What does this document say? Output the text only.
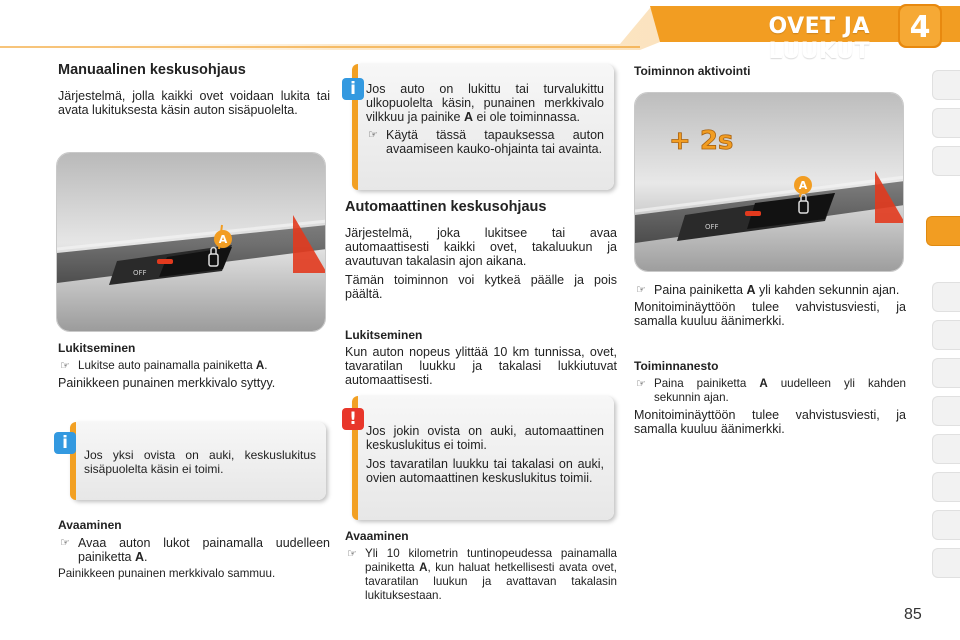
OVET JA LUUKUT
4
Manuaalinen keskusohjaus

Järjestelmä, jolla kaikki ovet voidaan lukita tai avata lukituksesta käsin auton sisäpuolelta.

OFF
A
Lukitseminen
☞ Lukitse auto painamalla painiketta A.

Painikkeen punainen merkkivalo syttyy.

Jos yksi ovista on auki, keskuslukitus sisäpuolelta käsin ei toimi.

i
Avaaminen
☞ Avaa auton lukot painamalla uudelleen painiketta A.

Painikkeen punainen merkkivalo sammuu.

Jos auto on lukittu tai turvalukittu ulkopuolelta käsin, punainen merkkivalo vilkkuu ja painike A ei ole toiminnassa.

☞ Käytä tässä tapauksessa auton avaamiseen kauko-ohjainta tai avainta.
i
Automaattinen keskusohjaus

Järjestelmä, joka lukitsee tai avaa automaattisesti kaikki ovet, takaluukun ja avautuvan takalasin ajon aikana.

Tämän toiminnon voi kytkeä päälle ja pois päältä.

Lukitseminen

Kun auton nopeus ylittää 10 km tunnissa, ovet, tavaratilan luukku ja takalasi lukkiutuvat automaattisesti.

Jos jokin ovista on auki, automaattinen keskuslukitus ei toimi.

Jos tavaratilan luukku tai takalasi on auki, ovien automaattinen keskuslukitus toimii.

!
Avaaminen
☞ Yli 10 kilometrin tuntinopeudessa painamalla painiketta A, kun haluat hetkellisesti avata ovet, tavaratilan luukun ja avattavan takalasin lukituksestaan.
Toiminnon aktivointi
OFF
A
+ 2s
☞ Paina painiketta A yli kahden sekunnin ajan.

Monitoiminäyttöön tulee vahvistusviesti, ja samalla kuuluu äänimerkki.

Toiminnanesto
☞ Paina painiketta A uudelleen yli kahden sekunnin ajan.

Monitoiminäyttöön tulee vahvistusviesti, ja samalla kuuluu äänimerkki.

85
